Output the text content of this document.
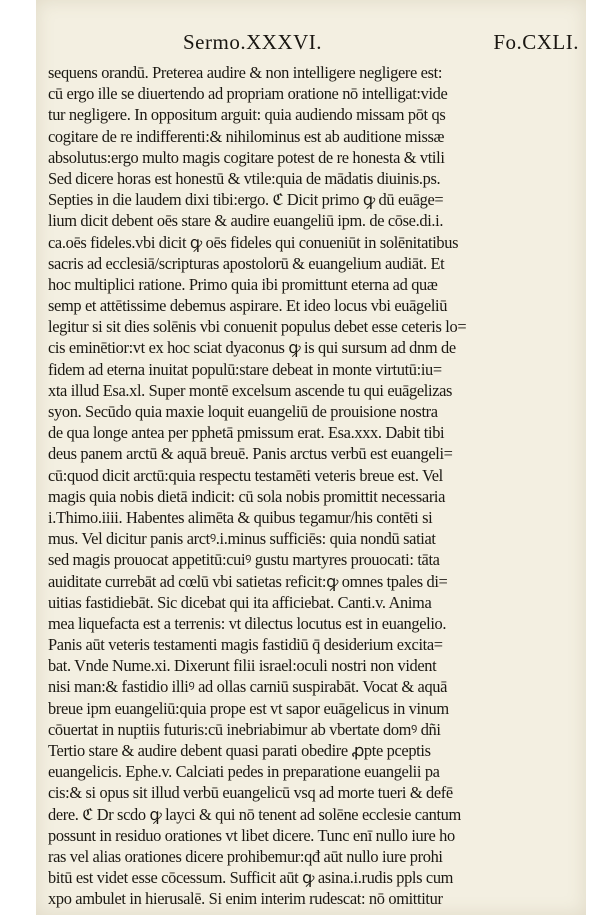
Sermo.XXXVI.	Fo.CXLI.
sequens orandū. Preterea audire & non intelligere negligere est:
cū ergo ille se diuertendo ad propriam oratione nō intelligat:vide
tur negligere. In oppositum arguit: quia audiendo missam pōt qs
cogitare de re indifferenti:& nihilominus est ab auditione missæ
absolutus:ergo multo magis cogitare potest de re honesta & vtili
Sed dicere horas est honestū & vtile:quia de mādatis diuinis.ps.
Septies in die laudem dixi tibi:ergo. ℭ Dicit primo ꝙ dū euāge=
lium dicit debent oēs stare & audire euangeliū ipm. de cōse.di.i.
ca.oēs fideles.vbi dicit ꝙ oēs fideles qui conueniūt in solēnitatibus
sacris ad ecclesiā/scripturas apostolorū & euangelium audiāt. Et
hoc multiplici ratione. Primo quia ibi promittunt eterna ad quæ
semp et attētissime debemus aspirare. Et ideo locus vbi euāgeliū
legitur si sit dies solēnis vbi conuenit populus debet esse ceteris lo=
cis eminētior:vt ex hoc sciat dyaconus ꝙ is qui sursum ad dnm de
fidem ad eterna inuitat populū:stare debeat in monte virtutū:iu=
xta illud Esa.xl. Super montē excelsum ascende tu qui euāgelizas
syon. Secūdo quia maxie loquit euangeliū de prouisione nostra
de qua longe antea per pphetā pmissum erat. Esa.xxx. Dabit tibi
deus panem arctū & aquā breuē. Panis arctus verbū est euangeli=
cū:quod dicit arctū:quia respectu testamēti veteris breue est. Vel
magis quia nobis dietā indicit: cū sola nobis promittit necessaria
i.Thimo.iiii. Habentes alimēta & quibus tegamur/his contēti si
mus. Vel dicitur panis arctꝰ.i.minus sufficiēs: quia nondū satiat
sed magis prouocat appetitū:cuiꝰ gustu martyres prouocati: tāta
auiditate currebāt ad cœlū vbi satietas reficit:ꝙ omnes tpales di=
uitias fastidiebāt. Sic dicebat qui ita afficiebat. Canti.v. Anima
mea liquefacta est a terrenis: vt dilectus locutus est in euangelio.
Panis aūt veteris testamenti magis fastidiū q̄ desiderium excita=
bat. Vnde Nume.xi. Dixerunt filii israel:oculi nostri non vident
nisi man:& fastidio illiꝰ ad ollas carniū suspirabāt. Vocat & aquā
breue ipm euangeliū:quia prope est vt sapor euāgelicus in vinum
cōuertat in nuptiis futuris:cū inebriabimur ab vbertate domꝰ dñi
Tertio stare & audire debent quasi parati obedire ꝓpte pceptis
euangelicis. Ephe.v. Calciati pedes in preparatione euangelii pa
cis:& si opus sit illud verbū euangelicū vsq ad morte tueri & defē
dere. ℭ Dr scdo ꝙ layci & qui nō tenent ad solēne ecclesie cantum
possunt in residuo orationes vt libet dicere. Tunc enī nullo iure ho
ras vel alias orationes dicere prohibemur:qđ aūt nullo iure prohi
bitū est videt esse cōcessum. Sufficit aūt ꝙ asina.i.rudis ppls cum
xpo ambulet in hierusalē. Si enim interim rudescat: nō omittitur
